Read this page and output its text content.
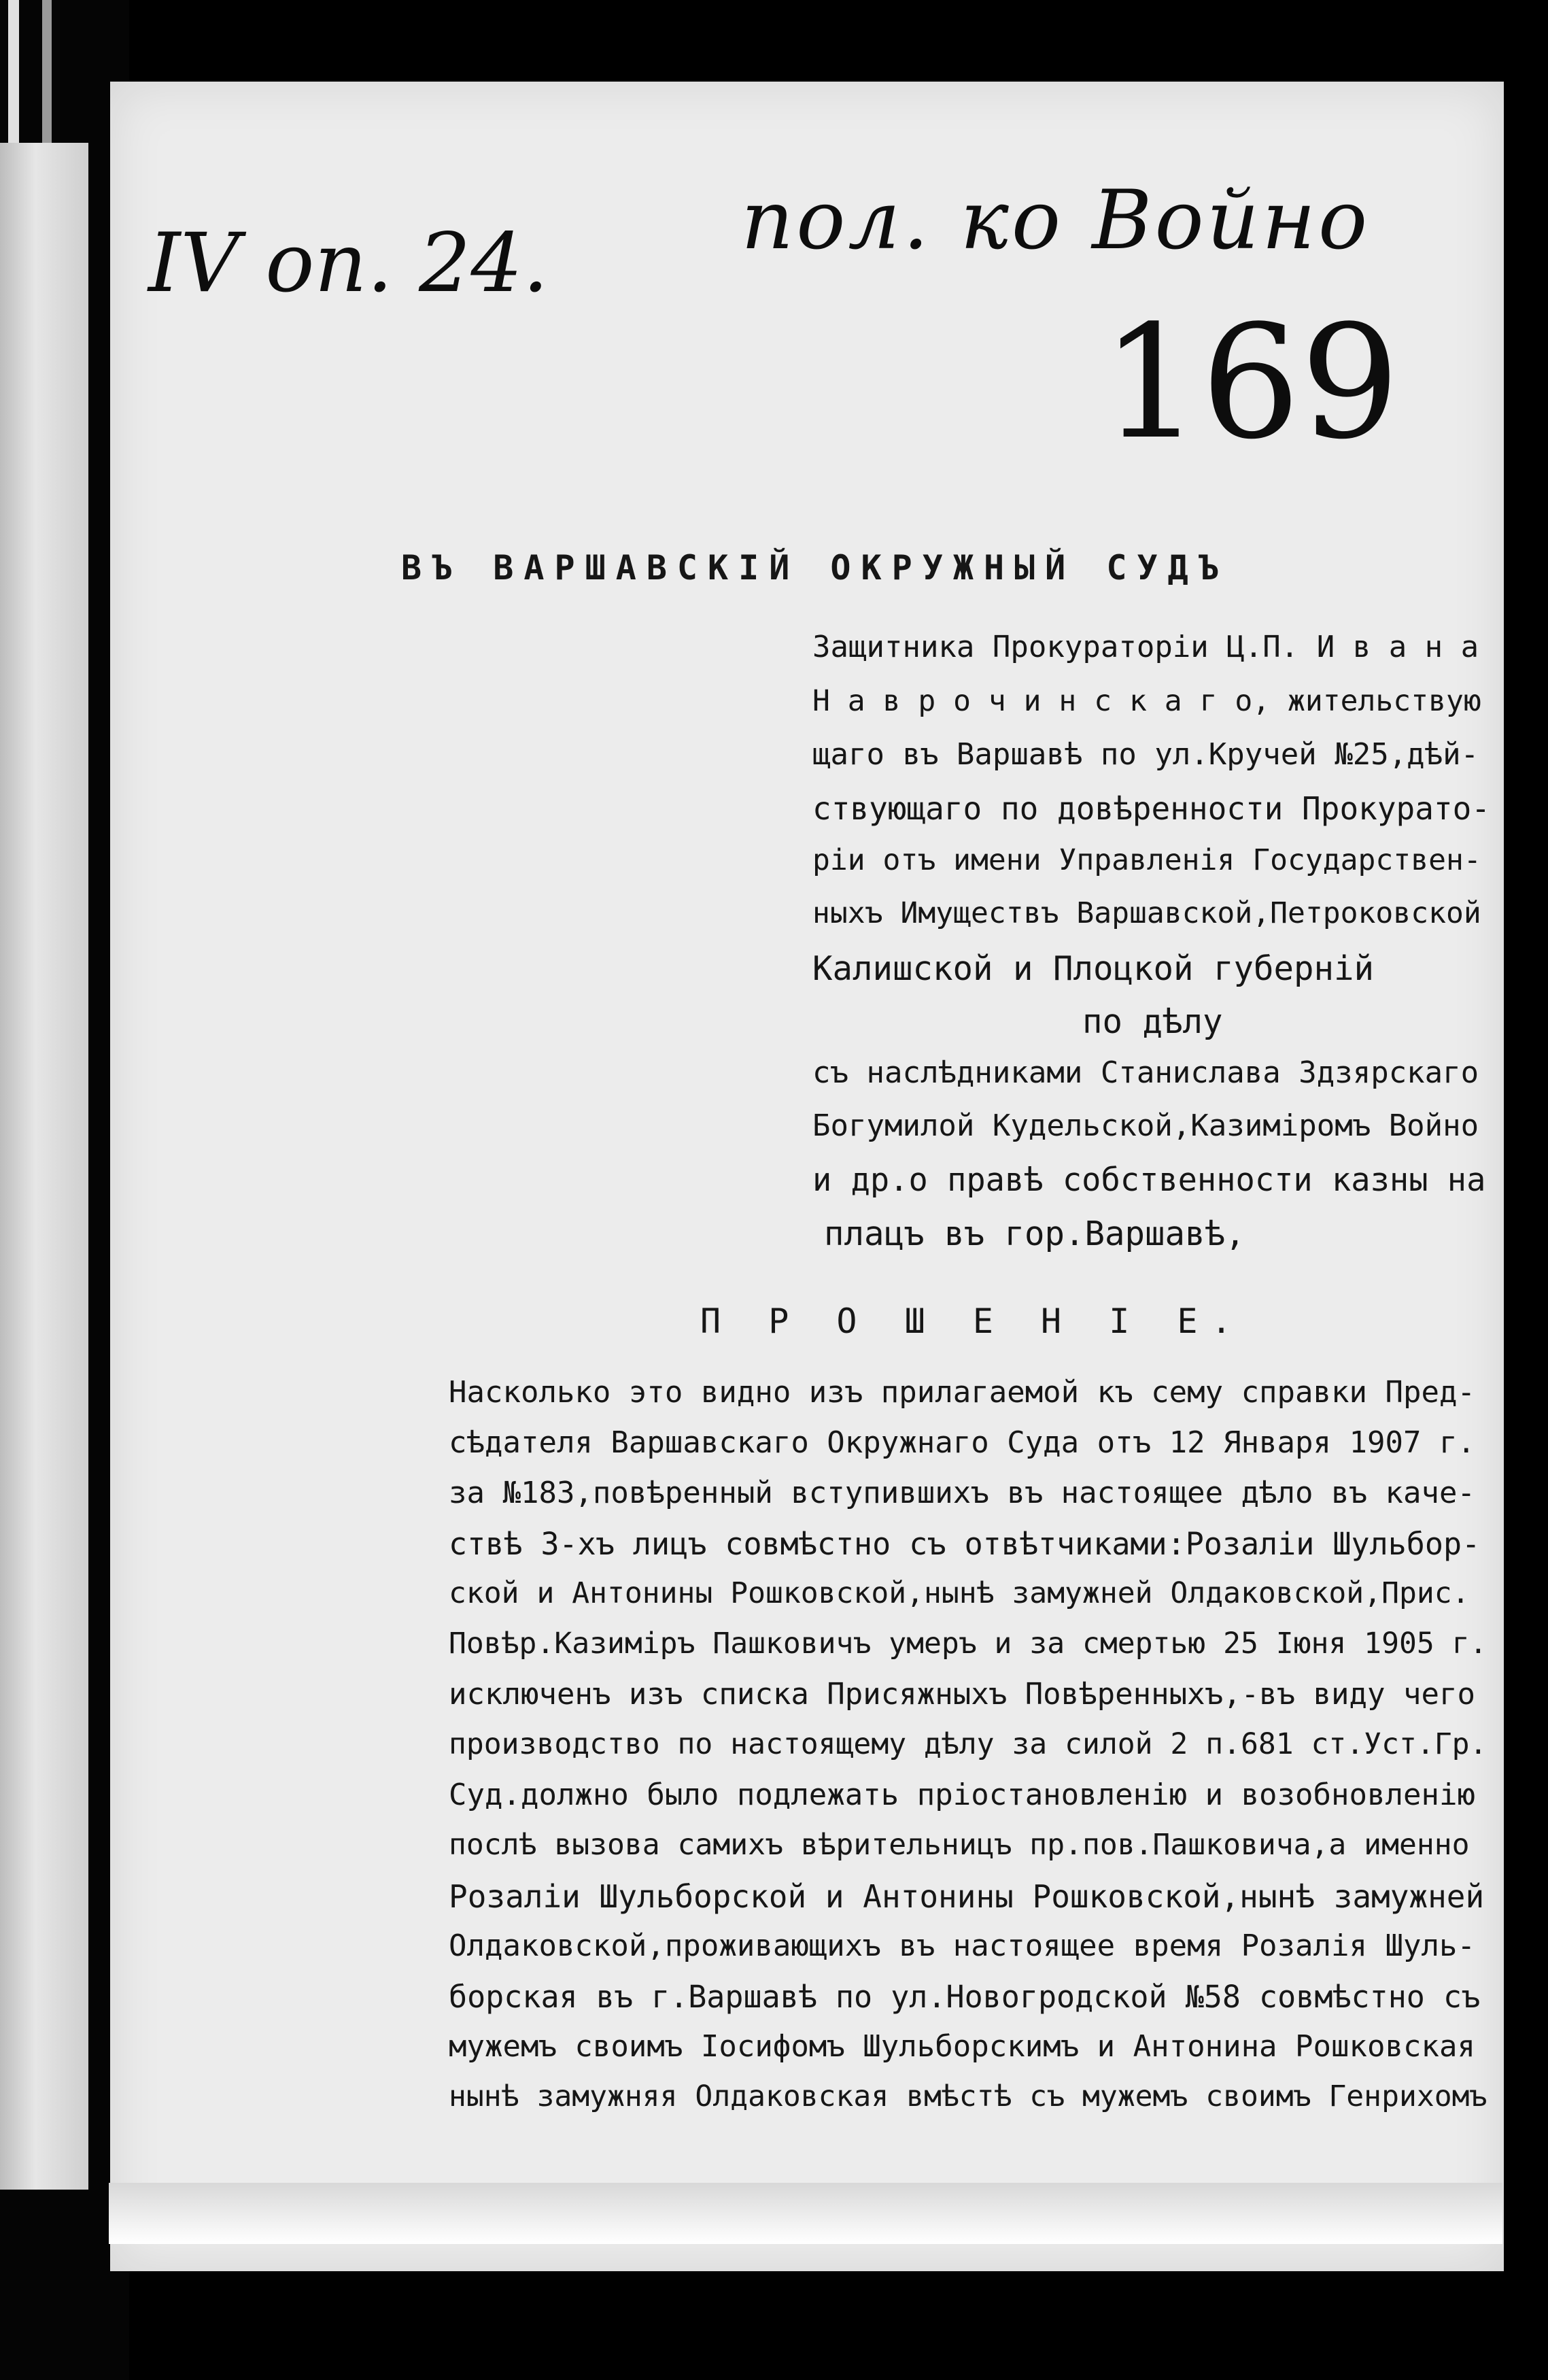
IV оп. 24. пол. ко Войно
169
ВЪ ВАРШАВСКIЙ ОКРУЖНЫЙ СУДЪ
Защитника Прокураторiи Ц.П. И в а н а
Н а в р о ч и н с к а г о, жительствую
щаго въ Варшавѣ по ул.Кручей №25,дѣй-
ствующаго по довѣренности Прокурато-
рiи отъ имени Управленiя Государствен-
ныхъ Имуществъ Варшавской,Петроковской
Калишской и Плоцкой губернiй
по дѣлу
съ наслѣдниками Станислава Здзярскаго
Богумилой Кудельской,Казимiромъ Войно
и др.о правѣ собственности казны на
плацъ въ гор.Варшавѣ,
П Р О Ш Е Н I Е.
Насколько это видно изъ прилагаемой къ сему справки Пред-
сѣдателя Варшавскаго Окружнаго Суда отъ 12 Января 1907 г.
за №183,повѣренный вступившихъ въ настоящее дѣло въ каче-
ствѣ 3-хъ лицъ совмѣстно съ отвѣтчиками:Розалiи Шульбор-
ской и Антонины Рошковской,нынѣ замужней Олдаковской,Прис.
Повѣр.Казимiръ Пашковичъ умеръ и за смертью 25 Iюня 1905 г.
исключенъ изъ списка Присяжныхъ Повѣренныхъ,-въ виду чего
производство по настоящему дѣлу за силой 2 п.681 ст.Уст.Гр.
Суд.должно было подлежать прiостановленiю и возобновленiю
послѣ вызова самихъ вѣрительницъ пр.пов.Пашковича,а именно
Розалiи Шульборской и Антонины Рошковской,нынѣ замужней
Олдаковской,проживающихъ въ настоящее время Розалiя Шуль-
борская въ г.Варшавѣ по ул.Новогродской №58 совмѣстно съ
мужемъ своимъ Iосифомъ Шульборскимъ и Антонина Рошковская
нынѣ замужняя Олдаковская вмѣстѣ съ мужемъ своимъ Генрихомъ
